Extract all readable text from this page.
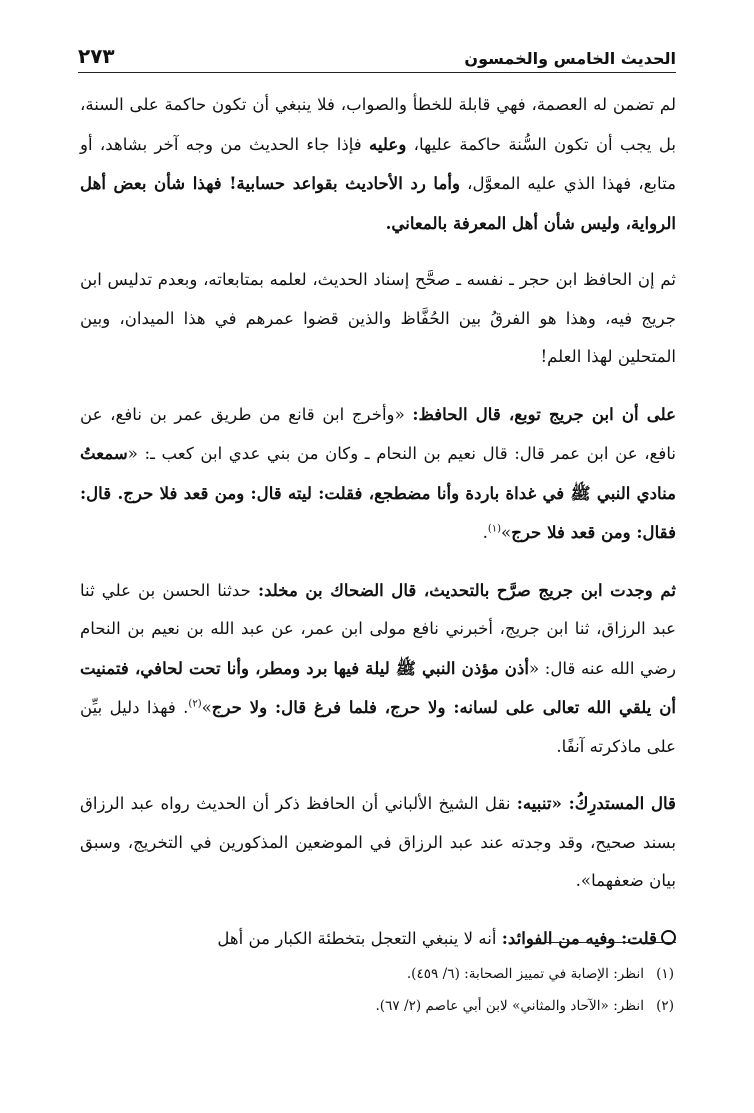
الحديث الخامس والخمسون
٢٧٣

لم تضمن له العصمة، فهي قابلة للخطأ والصواب، فلا ينبغي أن تكون حاكمة على السنة، بل يجب أن تكون السُّنة حاكمة عليها، وعليه فإذا جاء الحديث من وجه آخر بشاهد، أو متابع، فهذا الذي عليه المعوَّل، وأما رد الأحاديث بقواعد حسابية! فهذا شأن بعض أهل الرواية، وليس شأن أهل المعرفة بالمعاني.

ثم إن الحافظ ابن حجر ـ نفسه ـ صحَّح إسناد الحديث، لعلمه بمتابعاته، وبعدم تدليس ابن جريج فيه، وهذا هو الفرقُ بين الحُفَّاظ والذين قضوا عمرهم في هذا الميدان، وبين المتحلين لهذا العلم!

على أن ابن جريج توبع، قال الحافظ: «وأخرج ابن قانع من طريق عمر بن نافع، عن نافع، عن ابن عمر قال: قال نعيم بن النحام ـ وكان من بني عدي ابن كعب ـ: «سمعتُ منادي النبي ﷺ في غداة باردة وأنا مضطجع، فقلت: ليته قال: ومن قعد فلا حرج. قال: فقال: ومن قعد فلا حرج»$^{(١)}$.

ثم وجدت ابن جريج صرَّح بالتحديث، قال الضحاك بن مخلد: حدثنا الحسن بن علي ثنا عبد الرزاق، ثنا ابن جريج، أخبرني نافع مولى ابن عمر، عن عبد الله بن نعيم بن النحام رضي الله عنه قال: «أذن مؤذن النبي ﷺ ليلة فيها برد ومطر، وأنا تحت لحافي، فتمنيت أن يلقي الله تعالى على لسانه: ولا حرج، فلما فرغ قال: ولا حرج»$^{(٢)}$. فهذا دليل بيِّن على ماذكرته آنفًا.

قال المستدرِكُ: «تنبيه: نقل الشيخ الألباني أن الحافظ ذكر أن الحديث رواه عبد الرزاق بسند صحيح، وقد وجدته عند عبد الرزاق في الموضعين المذكورين في التخريج، وسبق بيان ضعفهما».

قلت: وفيه من الفوائد: أنه لا ينبغي التعجل بتخطئة الكبار من أهل

(١)انظر: الإصابة في تمييز الصحابة: (٦/ ٤٥٩).

(٢)انظر: «الآحاد والمثاني» لابن أبي عاصم (٢/ ٦٧).
